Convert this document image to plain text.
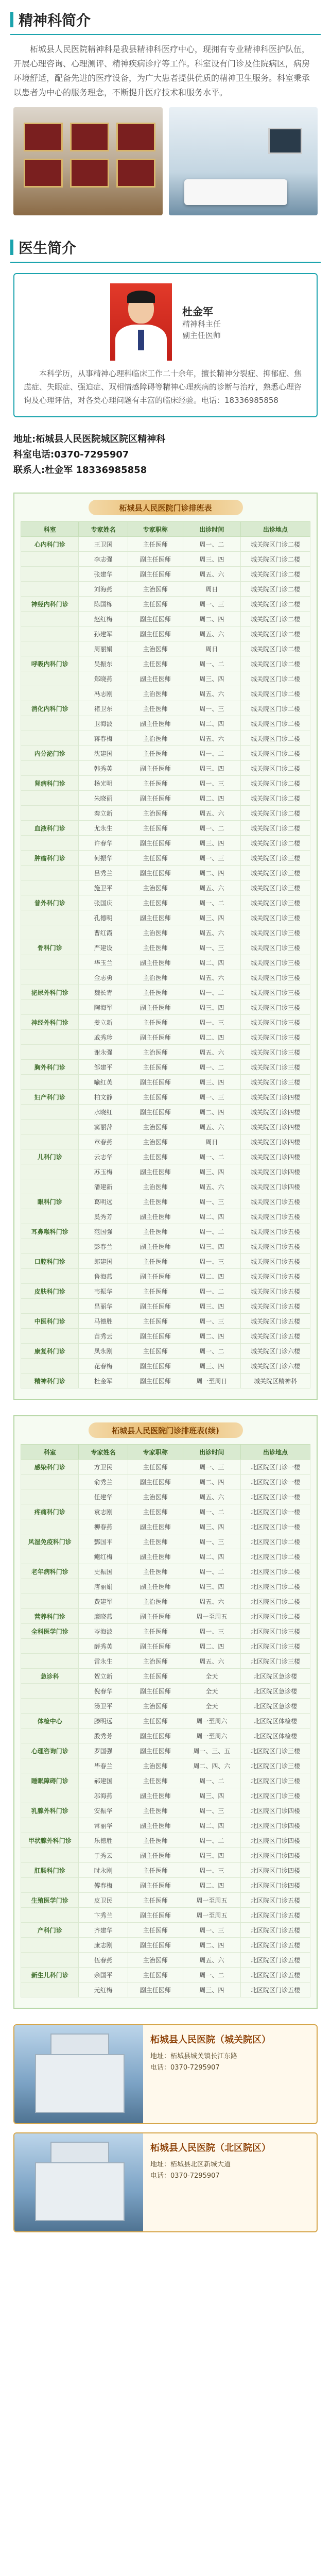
精神科简介
柘城县人民医院精神科是我县精神科医疗中心，现拥有专业精神科医护队伍，开展心理咨询、心理测评、精神疾病诊疗等工作。科室设有门诊及住院病区，病房环境舒适，配备先进的医疗设备，为广大患者提供优质的精神卫生服务。科室秉承以患者为中心的服务理念，不断提升医疗技术和服务水平。
医生简介
杜金军
精神科主任
副主任医师
本科学历，从事精神心理科临床工作二十余年，擅长精神分裂症、抑郁症、焦虑症、失眠症、强迫症、双相情感障碍等精神心理疾病的诊断与治疗，熟悉心理咨询及心理评估，对各类心理问题有丰富的临床经验。电话：18336985858
地址:柘城县人民医院城区院区精神科
科室电话:0370-7295907
联系人:杜金军 18336985858
柘城县人民医院门诊排班表
科室	专家姓名	专家职称	出诊时间	出诊地点
心内科门诊	王卫国	主任医师	周一、二	城关院区门诊二楼
	李志强	副主任医师	周三、四	城关院区门诊二楼
	张建华	副主任医师	周五、六	城关院区门诊二楼
	刘海燕	主治医师	周日	城关院区门诊二楼
神经内科门诊	陈国栋	主任医师	周一、三	城关院区门诊二楼
	赵红梅	副主任医师	周二、四	城关院区门诊二楼
	孙建军	副主任医师	周五、六	城关院区门诊二楼
	周丽娟	主治医师	周日	城关院区门诊二楼
呼吸内科门诊	吴振东	主任医师	周一、二	城关院区门诊二楼
	郑晓燕	副主任医师	周三、四	城关院区门诊二楼
	冯志刚	主治医师	周五、六	城关院区门诊二楼
消化内科门诊	褚卫东	主任医师	周一、三	城关院区门诊二楼
	卫海波	副主任医师	周二、四	城关院区门诊二楼
	蒋春梅	主治医师	周五、六	城关院区门诊二楼
内分泌门诊	沈建国	主任医师	周一、二	城关院区门诊二楼
	韩秀英	副主任医师	周三、四	城关院区门诊二楼
肾病科门诊	杨光明	主任医师	周一、三	城关院区门诊二楼
	朱晓丽	副主任医师	周二、四	城关院区门诊二楼
	秦立新	主治医师	周五、六	城关院区门诊二楼
血液科门诊	尤永生	主任医师	周一、二	城关院区门诊二楼
	许春华	副主任医师	周三、四	城关院区门诊二楼
肿瘤科门诊	何振华	主任医师	周一、三	城关院区门诊三楼
	吕秀兰	副主任医师	周二、四	城关院区门诊三楼
	施卫平	主治医师	周五、六	城关院区门诊三楼
普外科门诊	张国庆	主任医师	周一、二	城关院区门诊三楼
	孔德明	副主任医师	周三、四	城关院区门诊三楼
	曹红霞	主治医师	周五、六	城关院区门诊三楼
骨科门诊	严建设	主任医师	周一、三	城关院区门诊三楼
	华玉兰	副主任医师	周二、四	城关院区门诊三楼
	金志勇	主治医师	周五、六	城关院区门诊三楼
泌尿外科门诊	魏长青	主任医师	周一、二	城关院区门诊三楼
	陶海军	副主任医师	周三、四	城关院区门诊三楼
神经外科门诊	姜立新	主任医师	周一、三	城关院区门诊三楼
	戚秀珍	副主任医师	周二、四	城关院区门诊三楼
	谢永强	主治医师	周五、六	城关院区门诊三楼
胸外科门诊	邹建平	主任医师	周一、二	城关院区门诊三楼
	喻红英	副主任医师	周三、四	城关院区门诊三楼
妇产科门诊	柏文静	主任医师	周一、三	城关院区门诊四楼
	水晓红	副主任医师	周二、四	城关院区门诊四楼
	窦丽萍	主治医师	周五、六	城关院区门诊四楼
	章春燕	主治医师	周日	城关院区门诊四楼
儿科门诊	云志华	主任医师	周一、二	城关院区门诊四楼
	苏玉梅	副主任医师	周三、四	城关院区门诊四楼
	潘建新	主治医师	周五、六	城关院区门诊四楼
眼科门诊	葛明远	主任医师	周一、三	城关院区门诊五楼
	奚秀芳	副主任医师	周二、四	城关院区门诊五楼
耳鼻喉科门诊	范国强	主任医师	周一、二	城关院区门诊五楼
	彭春兰	副主任医师	周三、四	城关院区门诊五楼
口腔科门诊	郎建国	主任医师	周一、三	城关院区门诊五楼
	鲁海燕	副主任医师	周二、四	城关院区门诊五楼
皮肤科门诊	韦振华	主任医师	周一、二	城关院区门诊五楼
	昌丽华	副主任医师	周三、四	城关院区门诊五楼
中医科门诊	马德胜	主任医师	周一、三	城关院区门诊五楼
	苗秀云	副主任医师	周二、四	城关院区门诊五楼
康复科门诊	凤永刚	主任医师	周一、二	城关院区门诊六楼
	花春梅	副主任医师	周三、四	城关院区门诊六楼
精神科门诊	杜金军	副主任医师	周一至周日	城关院区精神科
柘城县人民医院门诊排班表(续)
科室	专家姓名	专家职称	出诊时间	出诊地点
感染科门诊	方卫民	主任医师	周一、三	北区院区门诊一楼
	俞秀兰	副主任医师	周二、四	北区院区门诊一楼
	任建华	主治医师	周五、六	北区院区门诊一楼
疼痛科门诊	袁志刚	主任医师	周一、二	北区院区门诊一楼
	柳春燕	副主任医师	周三、四	北区院区门诊一楼
风湿免疫科门诊	酆国平	主任医师	周一、三	北区院区门诊二楼
	鲍红梅	副主任医师	周二、四	北区院区门诊二楼
老年病科门诊	史振国	主任医师	周一、二	北区院区门诊二楼
	唐丽娟	副主任医师	周三、四	北区院区门诊二楼
	费建军	主治医师	周五、六	北区院区门诊二楼
营养科门诊	廉晓燕	副主任医师	周一至周五	北区院区门诊二楼
全科医学门诊	岑海波	主任医师	周一、三	北区院区门诊三楼
	薛秀英	副主任医师	周二、四	北区院区门诊三楼
	雷永生	主治医师	周五、六	北区院区门诊三楼
急诊科	贺立新	主任医师	全天	北区院区急诊楼
	倪春华	副主任医师	全天	北区院区急诊楼
	汤卫平	主治医师	全天	北区院区急诊楼
体检中心	滕明远	主任医师	周一至周六	北区院区体检楼
	殷秀芳	副主任医师	周一至周六	北区院区体检楼
心理咨询门诊	罗国强	副主任医师	周一、三、五	北区院区门诊三楼
	毕春兰	主治医师	周二、四、六	北区院区门诊三楼
睡眠障碍门诊	郝建国	主任医师	周一、二	北区院区门诊三楼
	邬海燕	副主任医师	周三、四	北区院区门诊三楼
乳腺外科门诊	安振华	主任医师	周一、三	北区院区门诊四楼
	常丽华	副主任医师	周二、四	北区院区门诊四楼
甲状腺外科门诊	乐德胜	主任医师	周一、二	北区院区门诊四楼
	于秀云	副主任医师	周三、四	北区院区门诊四楼
肛肠科门诊	时永刚	主任医师	周一、三	北区院区门诊四楼
	傅春梅	副主任医师	周二、四	北区院区门诊四楼
生殖医学门诊	皮卫民	主任医师	周一至周五	北区院区门诊五楼
	卞秀兰	副主任医师	周一至周五	北区院区门诊五楼
产科门诊	齐建华	主任医师	周一、三	北区院区门诊五楼
	康志刚	副主任医师	周二、四	北区院区门诊五楼
	伍春燕	主治医师	周五、六	北区院区门诊五楼
新生儿科门诊	余国平	主任医师	周一、二	北区院区门诊五楼
	元红梅	副主任医师	周三、四	北区院区门诊五楼
柘城县人民医院（城关院区）
地址：柘城县城关镇长江东路
电话：0370-7295907
柘城县人民医院（北区院区）
地址：柘城县北区新城大道
电话：0370-7295907
